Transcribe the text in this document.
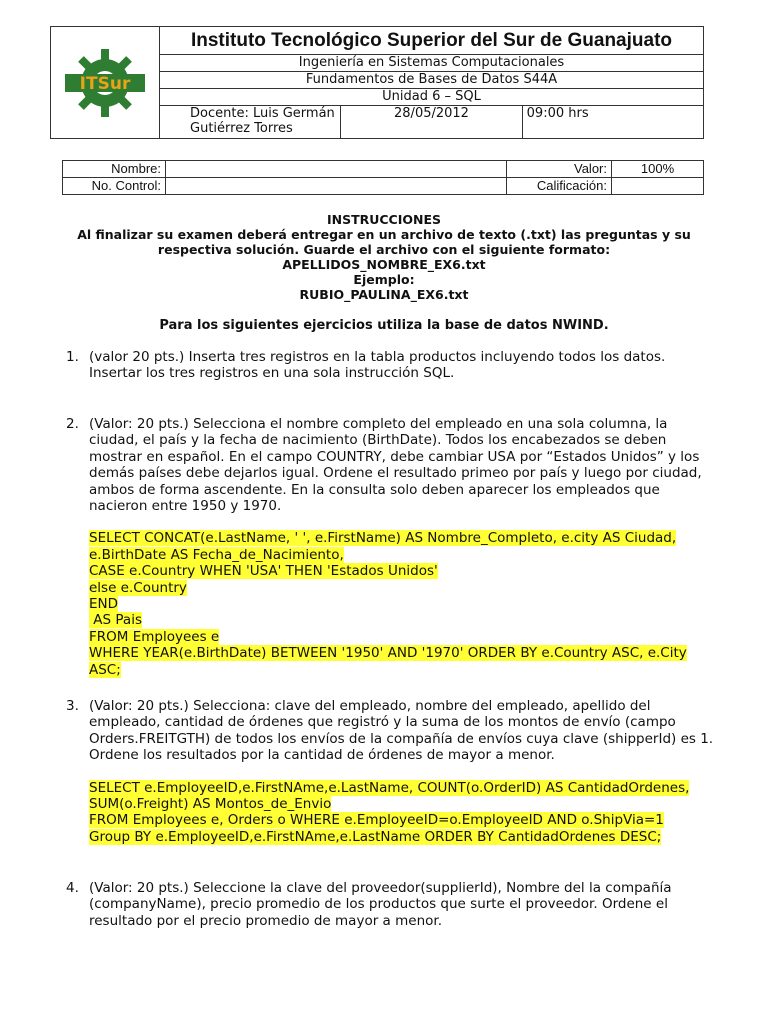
ITSur	Instituto Tecnológico Superior del Sur de Guanajuato		
	Ingeniería en Sistemas Computacionales		
	Fundamentos de Bases de Datos S44A		
	Unidad 6 – SQL		
	Docente: Luis Germán Gutiérrez Torres	28/05/2012	09:00 hrs
Nombre:		Valor:	100%
No. Control:		Calificación:	
INSTRUCCIONES
Al finalizar su examen deberá entregar en un archivo de texto (.txt) las preguntas y su
respectiva solución. Guarde el archivo con el siguiente formato:
APELLIDOS_NOMBRE_EX6.txt
Ejemplo:
RUBIO_PAULINA_EX6.txt
Para los siguientes ejercicios utiliza la base de datos NWIND.
1. (valor 20 pts.) Inserta tres registros en la tabla productos incluyendo todos los datos. Insertar los tres registros en una sola instrucción SQL.
2. (Valor: 20 pts.) Selecciona el nombre completo del empleado en una sola columna, la ciudad, el país y la fecha de nacimiento (BirthDate). Todos los encabezados se deben mostrar en español. En el campo COUNTRY, debe cambiar USA por “Estados Unidos” y los demás países debe dejarlos igual. Ordene el resultado primeo por país y luego por ciudad, ambos de forma ascendente. En la consulta solo deben aparecer los empleados que nacieron entre 1950 y 1970.
SELECT CONCAT(e.LastName, ' ', e.FirstName) AS Nombre_Completo, e.city AS Ciudad,
e.BirthDate AS Fecha_de_Nacimiento,
CASE e.Country WHEN 'USA' THEN 'Estados Unidos'
else e.Country
END
AS Pais
FROM Employees e
WHERE YEAR(e.BirthDate) BETWEEN '1950' AND '1970' ORDER BY e.Country ASC, e.City
ASC;
3. (Valor: 20 pts.) Selecciona: clave del empleado, nombre del empleado, apellido del empleado, cantidad de órdenes que registró y la suma de los montos de envío (campo Orders.FREITGTH) de todos los envíos de la compañía de envíos cuya clave (shipperId) es 1. Ordene los resultados por la cantidad de órdenes de mayor a menor.
SELECT e.EmployeeID,e.FirstNAme,e.LastName, COUNT(o.OrderID) AS CantidadOrdenes,
SUM(o.Freight) AS Montos_de_Envio
FROM Employees e, Orders o WHERE e.EmployeeID=o.EmployeeID AND o.ShipVia=1
Group BY e.EmployeeID,e.FirstNAme,e.LastName ORDER BY CantidadOrdenes DESC;
4. (Valor: 20 pts.) Seleccione la clave del proveedor(supplierId), Nombre del la compañía (companyName), precio promedio de los productos que surte el proveedor. Ordene el resultado por el precio promedio de mayor a menor.
